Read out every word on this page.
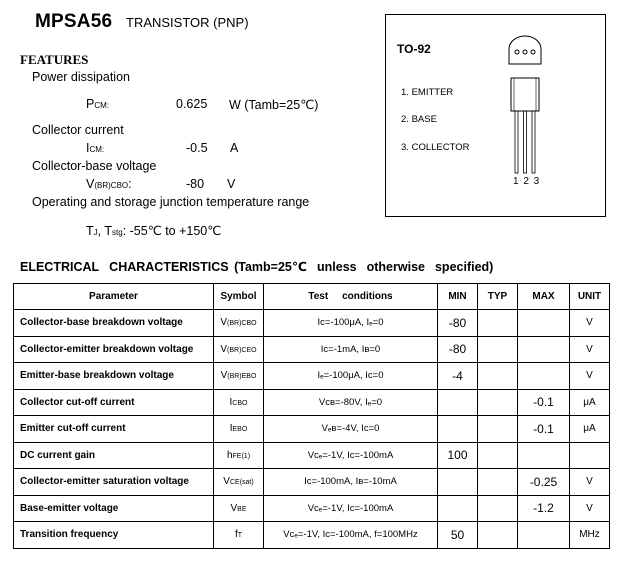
MPSA56 TRANSISTOR (PNP)
FEATURES
Power dissipation
PCM:	0.625 W (Tamb=25℃)
Collector current
ICM:	-0.5 A
Collector-base voltage
V(BR)CBO:	-80 V
Operating and storage junction temperature range
TJ, Tstg: -55℃ to +150℃
TO-92
1. EMITTER
2. BASE
3. COLLECTOR
1 2 3
ELECTRICAL CHARACTERISTICS (Tamb=25℃ unless otherwise specified)
Parameter	Symbol	Test     conditions	MIN	TYP	MAX	UNIT
Collector-base breakdown voltage	V(BR)CBO	Ic=-100μA, Iₑ=0	-80			V
Collector-emitter breakdown voltage	V(BR)CEO	Ic=-1mA, Iʙ=0	-80			V
Emitter-base breakdown voltage	V(BR)EBO	Iₑ=-100μA, Ic=0	-4			V
Collector cut-off current	ICBO	Vᴄʙ=-80V, Iₑ=0			-0.1	μA
Emitter cut-off current	IEBO	Vₑʙ=-4V, Ic=0			-0.1	μA
DC current gain	hFE(1)	Vᴄₑ=-1V, Ic=-100mA	100			
Collector-emitter saturation voltage	VCE(sat)	Ic=-100mA, Iʙ=-10mA			-0.25	V
Base-emitter voltage	VBE	Vᴄₑ=-1V, Ic=-100mA			-1.2	V
Transition frequency	fT	Vᴄₑ=-1V, Ic=-100mA, f=100MHz	50			MHz
